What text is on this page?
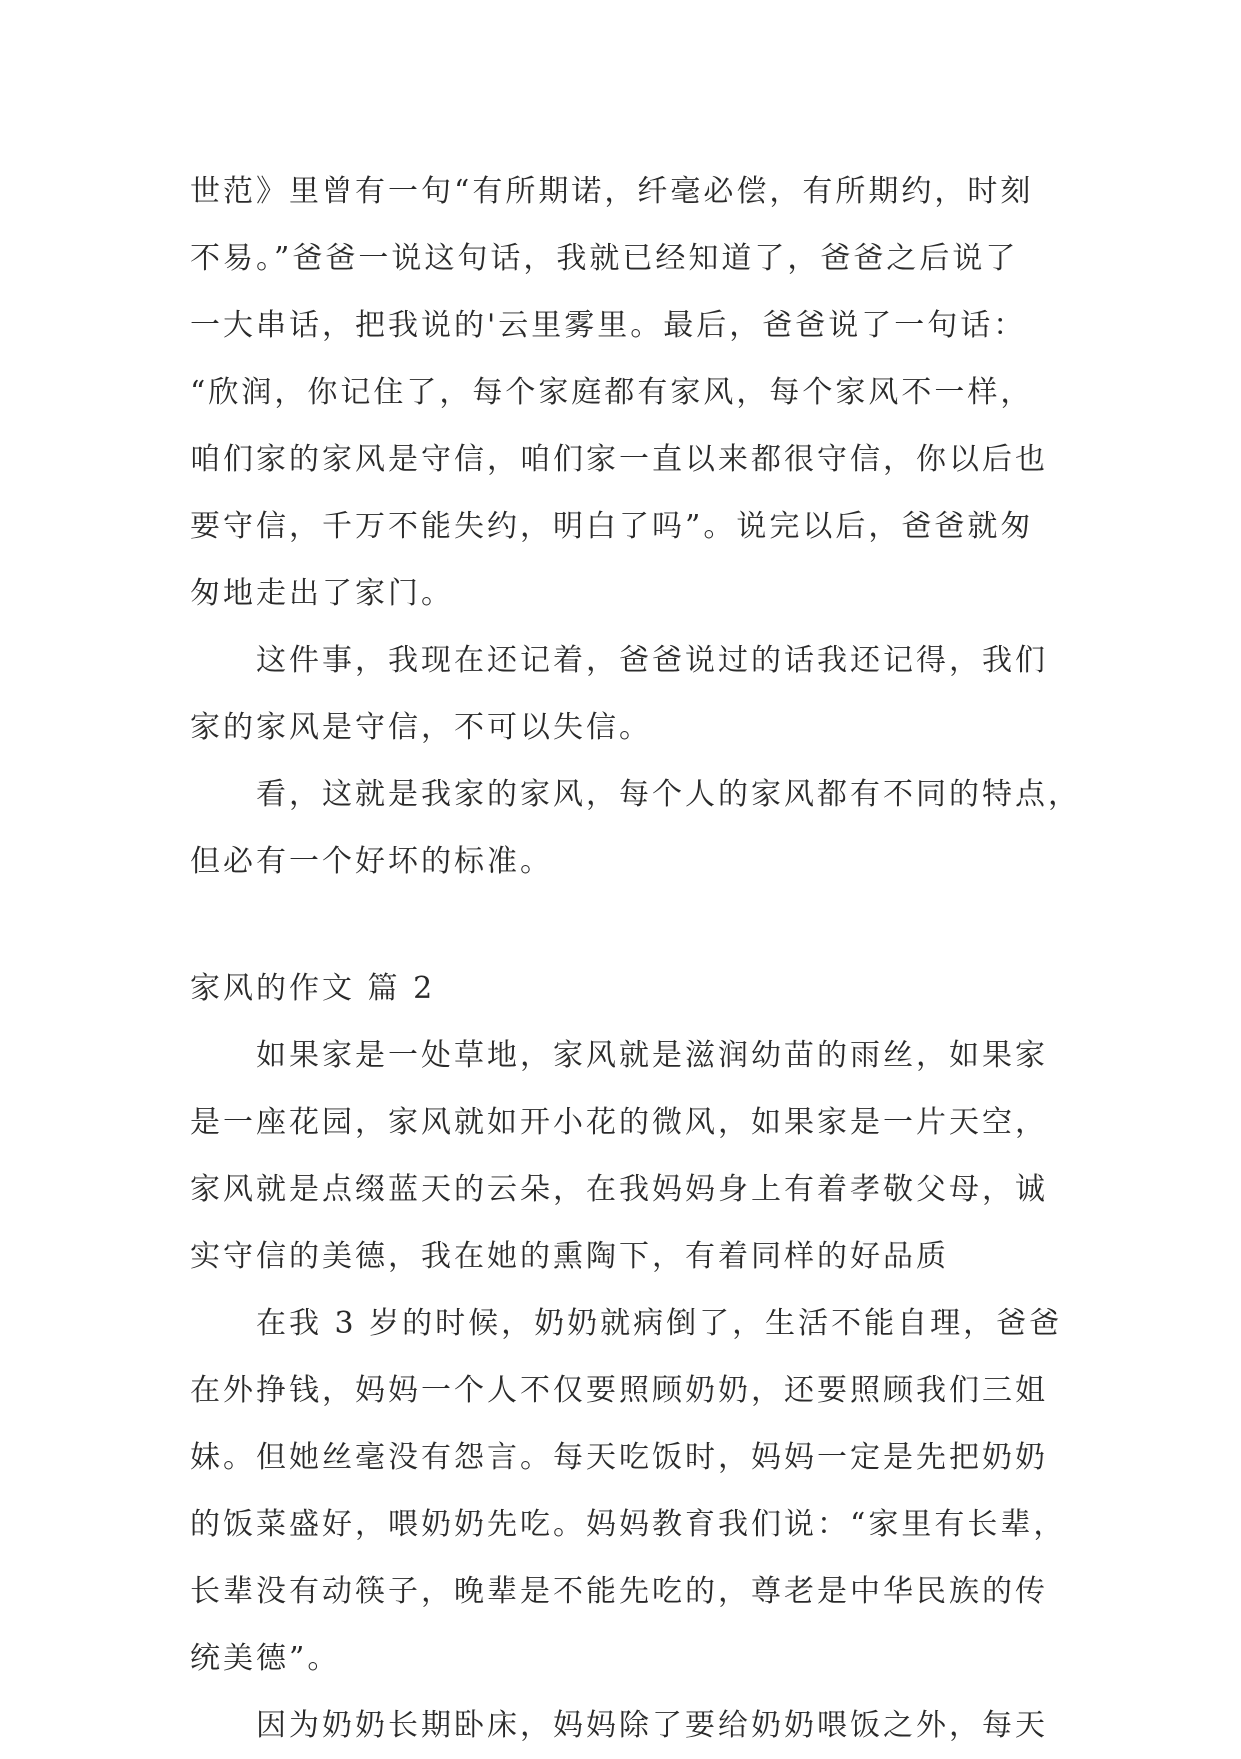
世范》里曾有一句“有所期诺，纤毫必偿，有所期约，时刻
不易。”爸爸一说这句话，我就已经知道了，爸爸之后说了
一大串话，把我说的'云里雾里。最后，爸爸说了一句话：
“欣润，你记住了，每个家庭都有家风，每个家风不一样，
咱们家的家风是守信，咱们家一直以来都很守信，你以后也
要守信，千万不能失约，明白了吗”。说完以后，爸爸就匆
匆地走出了家门。
这件事，我现在还记着，爸爸说过的话我还记得，我们
家的家风是守信，不可以失信。
看，这就是我家的家风，每个人的家风都有不同的特点，
但必有一个好坏的标准。
家风的作文 篇 2
如果家是一处草地，家风就是滋润幼苗的雨丝，如果家
是一座花园，家风就如开小花的微风，如果家是一片天空，
家风就是点缀蓝天的云朵，在我妈妈身上有着孝敬父母，诚
实守信的美德，我在她的熏陶下，有着同样的好品质
在我 3 岁的时候，奶奶就病倒了，生活不能自理，爸爸
在外挣钱，妈妈一个人不仅要照顾奶奶，还要照顾我们三姐
妹。但她丝毫没有怨言。每天吃饭时，妈妈一定是先把奶奶
的饭菜盛好，喂奶奶先吃。妈妈教育我们说：“家里有长辈，
长辈没有动筷子，晚辈是不能先吃的，尊老是中华民族的传
统美德”。
因为奶奶长期卧床，妈妈除了要给奶奶喂饭之外，每天
